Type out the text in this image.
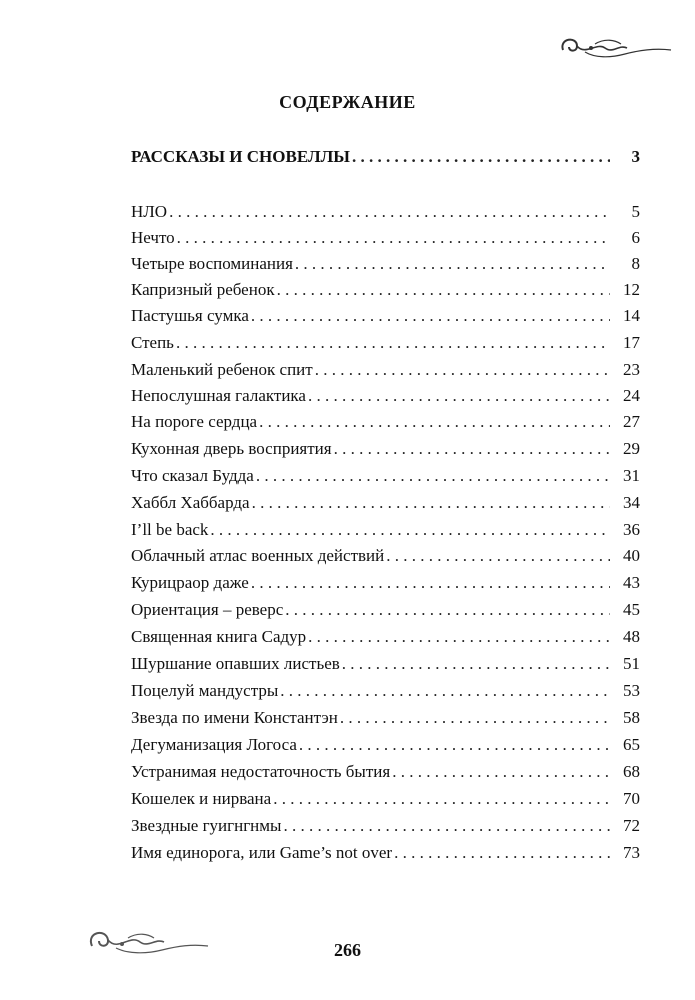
СОДЕРЖАНИЕ
РАССКАЗЫ И СНОВЕЛЛЫ . . .	3
НЛО . . .	5
Нечто . . .	6
Четыре воспоминания . . .	8
Капризный ребенок . . .	12
Пастушья сумка . . .	14
Степь . . .	17
Маленький ребенок спит . . .	23
Непослушная галактика . . .	24
На пороге сердца . . .	27
Кухонная дверь восприятия . . .	29
Что сказал Будда . . .	31
Хаббл Хаббарда . . .	34
I’ll be back . . .	36
Облачный атлас военных действий . . .	40
Курицраор даже . . .	43
Ориентация – реверс . . .	45
Священная книга Садур . . .	48
Шуршание опавших листьев . . .	51
Поцелуй мандустры . . .	53
Звезда по имени Константэн . . .	58
Дегуманизация Логоса . . .	65
Устранимая недостаточность бытия . . .	68
Кошелек и нирвана . . .	70
Звездные гуигнгнмы . . .	72
Имя единорога, или Game’s not over . . .	73
266
